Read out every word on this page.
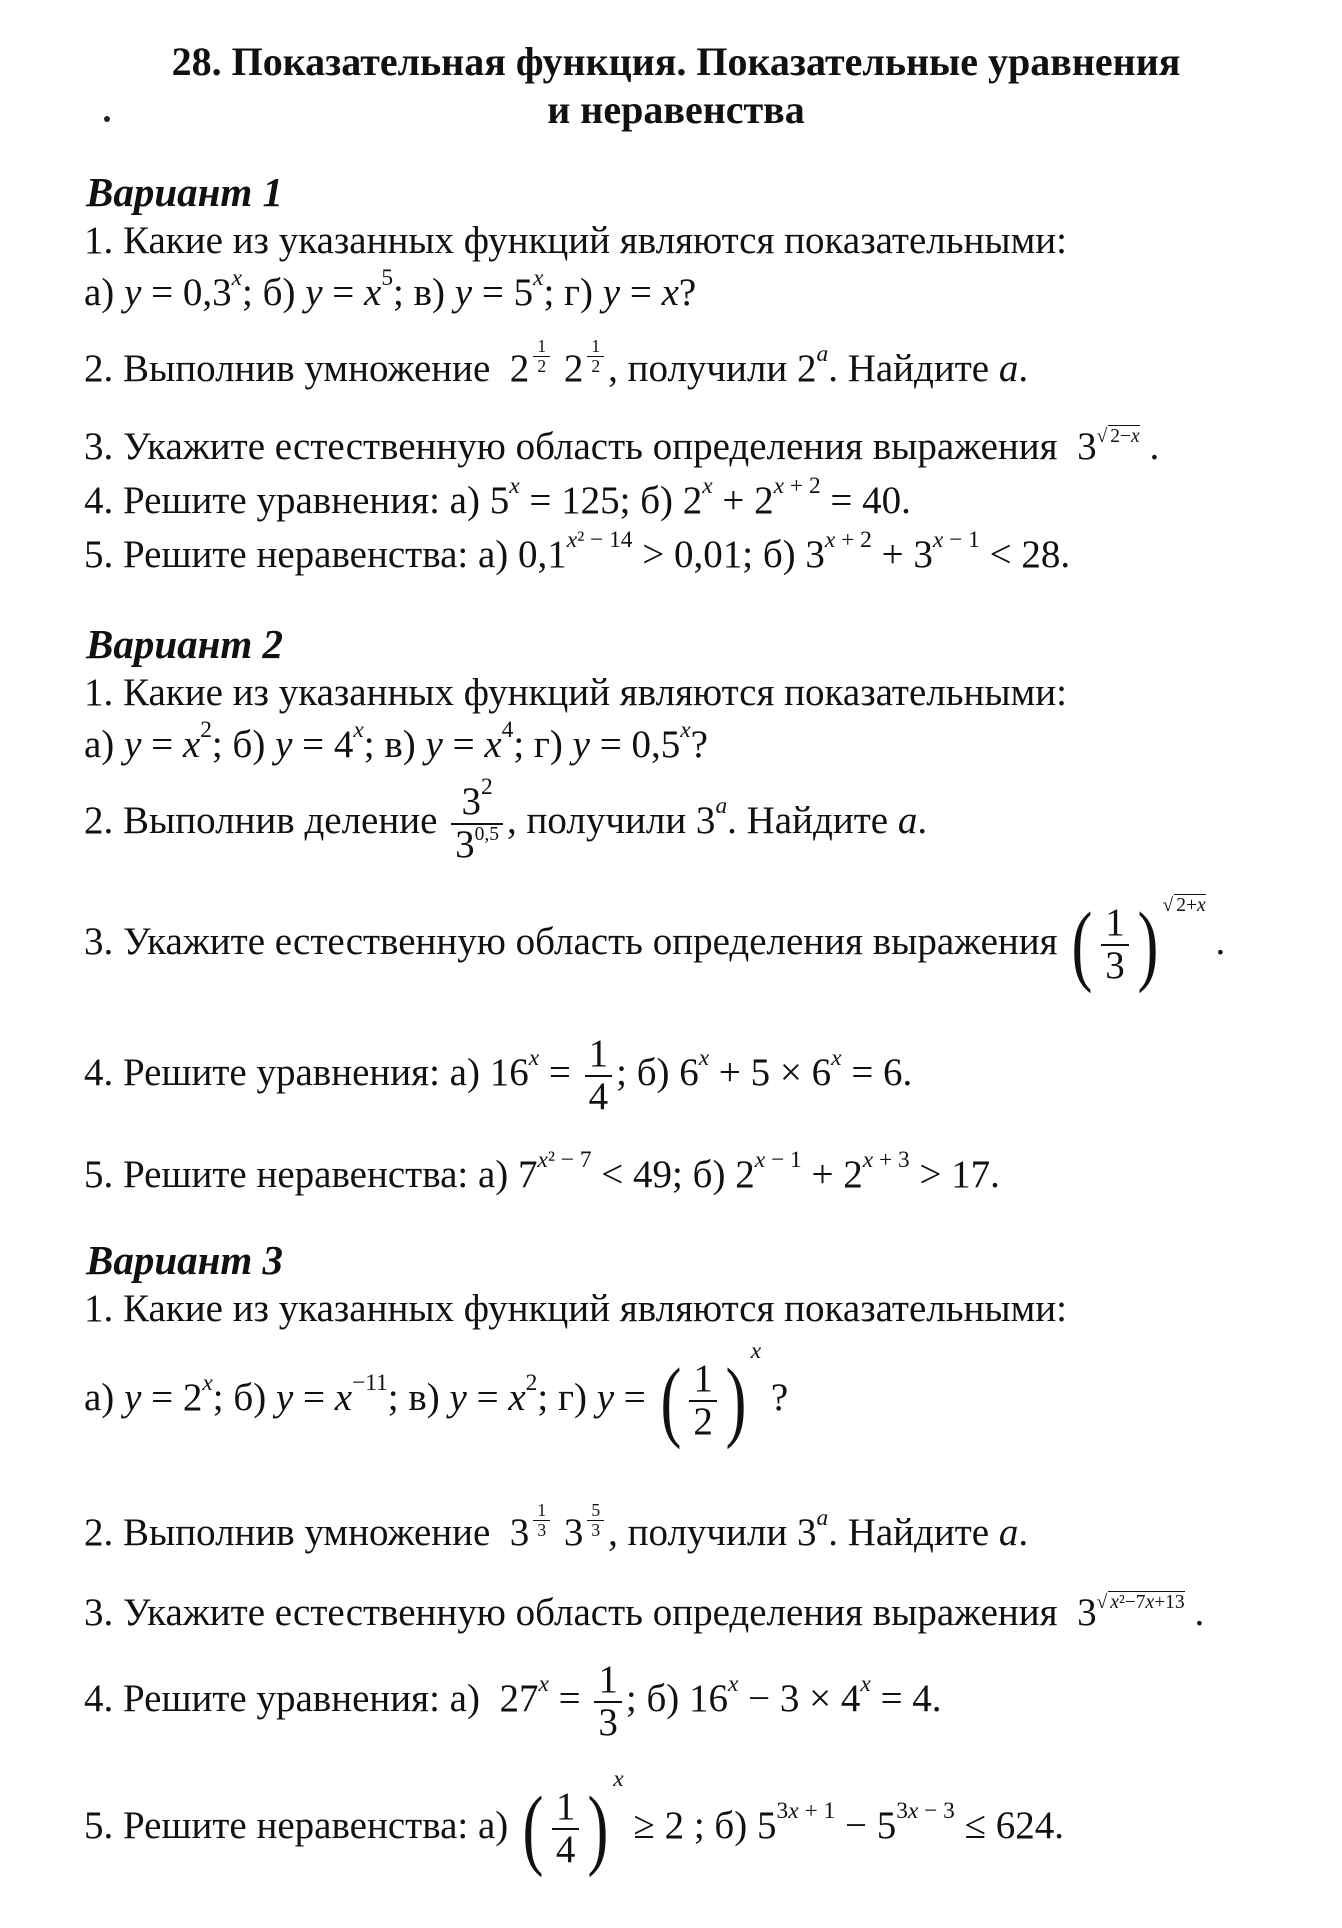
28. Показательная функция. Показательные уравнения
и неравенства
Вариант 1
1. Какие из указанных функций являются показательными:
а) $y = 0,3^x$; б) $y = x^5$; в) $y = 5^x$; г) y = x?
2. Выполнив умножение  $2 \frac{1}{2} 2 \frac{1}{2}$ , получили 2$^a$. Найдите a.
3. Укажите естественную область определения выражения  $3^{√ 2-x}$ .
4. Решите уравнения: а) $5^x = 125$; б) $2^x + 2^{x + 2} = 40$.
5. Решите неравенства: а) $0,1^{x^2 - 14} > 0,01$; б) $3^{x + 2} + 3^{x - 1} < 28$.
Вариант 2
1. Какие из указанных функций являются показательными:
а) $y = x^2$; б) $y = 4^x$; в) $y = x^4$; г) $y = 0,5^x$?
2. Выполнив деление $\frac{3^2}{3^{0,5}}$ , получили 3$^a$. Найдите a.
3. Укажите естественную область определения выражения ( $\frac{1}{3}$ ) $^{√ 2+x}$ .
4. Решите уравнения: а) $16^x = \frac{1}{4}$ ; б) $6^x + 5 \times 6^x = 6$.
5. Решите неравенства: а) $7^{x^2 - 7} < 49$; б) $2^{x - 1} + 2^{x + 3} > 17$.
Вариант 3
1. Какие из указанных функций являются показательными:
а) $y = 2^x$; б) $y = x^{-11}$; в) $y = x^2$; г) y = ( $\frac{1}{2}$ ) $^x$ ?
2. Выполнив умножение  $3 \frac{1}{3} 3 \frac{5}{3}$ , получили 3$^a$. Найдите a.
3. Укажите естественную область определения выражения  $3^{√ x^2-7x+13}$ .
4. Решите уравнения: а)  $27^x = \frac{1}{3}$ ; б) $16^x - 3 \times 4^x = 4$.
5. Решите неравенства: а) ( $\frac{1}{4}$ ) $^x$ ≥ 2 ; б) $5^{3x + 1} - 5^{3x - 3} \le 624$.
